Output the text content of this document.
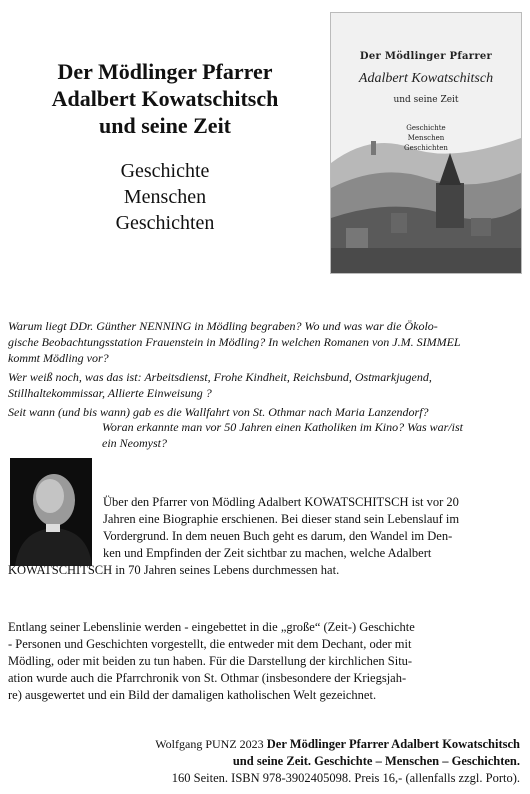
Der Mödlinger Pfarrer
Adalbert Kowatschitsch
und seine Zeit
Geschichte
Menschen
Geschichten
Der Mödlinger Pfarrer
Adalbert Kowatschitsch
und seine Zeit
Geschichte
Menschen
Geschichten
Warum liegt DDr. Günther NENNING in Mödling begraben? Wo und was war die Ökolo-
gische Beobachtungsstation Frauenstein in Mödling? In welchen Romanen von J.M. SIMMEL
kommt Mödling vor?
Wer weiß noch, was das ist: Arbeitsdienst, Frohe Kindheit, Reichsbund, Ostmarkjugend,
Stillhaltekommissar, Allierte Einweisung ?
Seit wann (und bis wann) gab es die Wallfahrt von St. Othmar nach Maria Lanzendorf?
Woran erkannte man vor 50 Jahren einen Katholiken im Kino? Was war/ist
ein Neomyst?
Über den Pfarrer von Mödling Adalbert KOWATSCHITSCH ist vor 20
Jahren eine Biographie erschienen. Bei dieser stand sein Lebenslauf im
Vordergrund. In dem neuen Buch geht es darum, den Wandel im Den-
ken und Empfinden der Zeit sichtbar zu machen, welche Adalbert
KOWATSCHITSCH in 70 Jahren seines Lebens durchmessen hat.
Entlang seiner Lebenslinie werden - eingebettet in die „große“ (Zeit-) Geschichte
- Personen und Geschichten vorgestellt, die entweder mit dem Dechant, oder mit
Mödling, oder mit beiden zu tun haben. Für die Darstellung der kirchlichen Situ-
ation wurde auch die Pfarrchronik von St. Othmar (insbesondere der Kriegsjah-
re) ausgewertet und ein Bild der damaligen katholischen Welt gezeichnet.
Wolfgang PUNZ 2023 Der Mödlinger Pfarrer Adalbert Kowatschitsch
und seine Zeit. Geschichte – Menschen – Geschichten.
160 Seiten. ISBN 978-3902405098. Preis 16,- (allenfalls zzgl. Porto).
